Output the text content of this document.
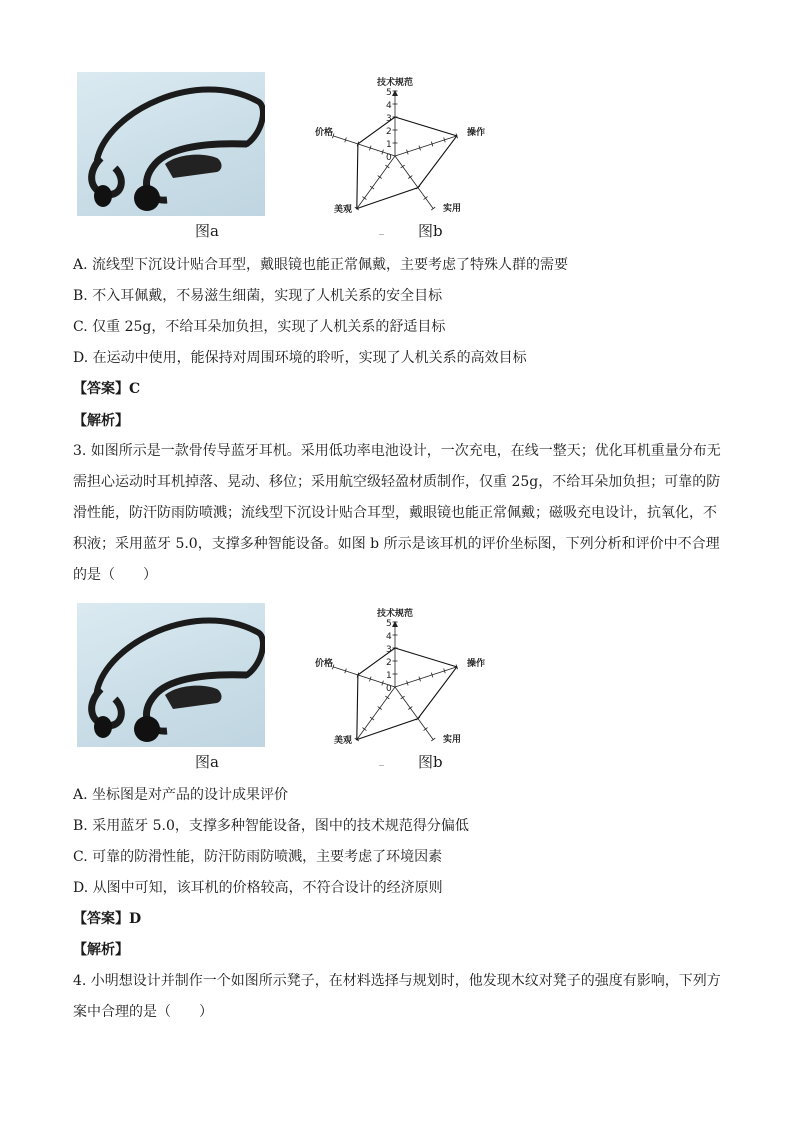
5
4
3
2
1
0
技术规范
操作
实用
美观
价格
图a	_ 图b
A. 流线型下沉设计贴合耳型，戴眼镜也能正常佩戴，主要考虑了特殊人群的需要
B. 不入耳佩戴，不易滋生细菌，实现了人机关系的安全目标
C. 仅重 25g，不给耳朵加负担，实现了人机关系的舒适目标
D. 在运动中使用，能保持对周围环境的聆听，实现了人机关系的高效目标
【答案】C
【解析】
3. 如图所示是一款骨传导蓝牙耳机。采用低功率电池设计，一次充电，在线一整天；优化耳机重量分布无
需担心运动时耳机掉落、晃动、移位；采用航空级轻盈材质制作，仅重 25g，不给耳朵加负担；可靠的防
滑性能，防汗防雨防喷溅；流线型下沉设计贴合耳型，戴眼镜也能正常佩戴；磁吸充电设计，抗氧化，不
积液；采用蓝牙 5.0，支撑多种智能设备。如图 b 所示是该耳机的评价坐标图，下列分析和评价中不合理
的是（　　）
5
4
3
2
1
0
技术规范
操作
实用
美观
价格
图a	_ 图b
A. 坐标图是对产品的设计成果评价
B. 采用蓝牙 5.0，支撑多种智能设备，图中的技术规范得分偏低
C. 可靠的防滑性能，防汗防雨防喷溅，主要考虑了环境因素
D. 从图中可知，该耳机的价格较高，不符合设计的经济原则
【答案】D
【解析】
4. 小明想设计并制作一个如图所示凳子，在材料选择与规划时，他发现木纹对凳子的强度有影响，下列方
案中合理的是（　　）
